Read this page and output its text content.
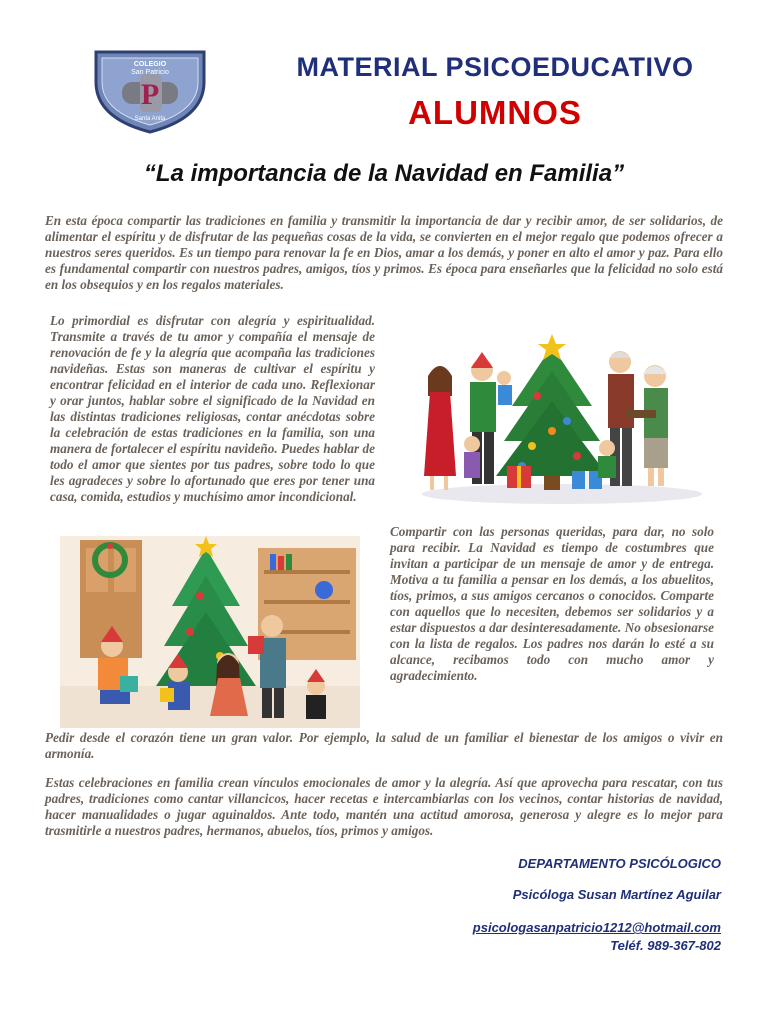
P
COLEGIO
San Patricio
Santa Anita
MATERIAL PSICOEDUCATIVO
ALUMNOS
“La importancia de la Navidad en Familia”
En esta época compartir las tradiciones en familia y transmitir la importancia de dar y recibir amor, de ser solidarios, de alimentar el espíritu y de disfrutar de las pequeñas cosas de la vida, se convierten en el mejor regalo que podemos ofrecer a nuestros seres queridos. Es un tiempo para renovar la fe en Dios, amar a los demás, y poner en alto el amor y paz. Para ello es fundamental compartir con nuestros padres, amigos, tíos y primos. Es época para enseñarles que la felicidad no solo está en los obsequios y en los regalos materiales.
Lo primordial es disfrutar con alegría y espiritualidad. Transmite a través de tu amor y compañía el mensaje de renovación de fe y la alegría que acompaña las tradiciones navideñas. Estas son maneras de cultivar el espíritu y encontrar felicidad en el interior de cada uno. Reflexionar y orar juntos, hablar sobre el significado de la Navidad en las distintas tradiciones religiosas, contar anécdotas sobre la celebración de estas tradiciones en la familia, son una manera de fortalecer el espíritu navideño. Puedes hablar de todo el amor que sientes por tus padres, sobre todo lo que les agradeces y sobre lo afortunado que eres por tener una casa, comida, estudios y muchísimo amor incondicional.
Compartir con las personas queridas, para dar, no solo para recibir. La Navidad es tiempo de costumbres que invitan a participar de un mensaje de amor y de entrega. Motiva a tu familia a pensar en los demás, a los abuelitos, tíos, primos, a sus amigos cercanos o conocidos. Comparte con aquellos que lo necesiten, debemos ser solidarios y a estar dispuestos a dar desinteresadamente. No obsesionarse con la lista de regalos. Los padres nos darán lo esté a su alcance, recibamos todo con mucho amor y agradecimiento.
Pedir desde el corazón tiene un gran valor. Por ejemplo, la salud de un familiar el bienestar de los amigos o vivir en armonía.
Estas celebraciones en familia crean vínculos emocionales de amor y la alegría. Así que aprovecha para rescatar, con tus padres, tradiciones como cantar villancicos, hacer recetas e intercambiarlas con los vecinos, contar historias de navidad, hacer manualidades o jugar aguinaldos. Ante todo, mantén una actitud amorosa, generosa y alegre es lo mejor para trasmitirle a nuestros padres, hermanos, abuelos, tíos, primos y amigos.
DEPARTAMENTO PSICÓLOGICO
Psicóloga Susan Martínez Aguilar
psicologasanpatricio1212@hotmail.com
Teléf. 989-367-802
